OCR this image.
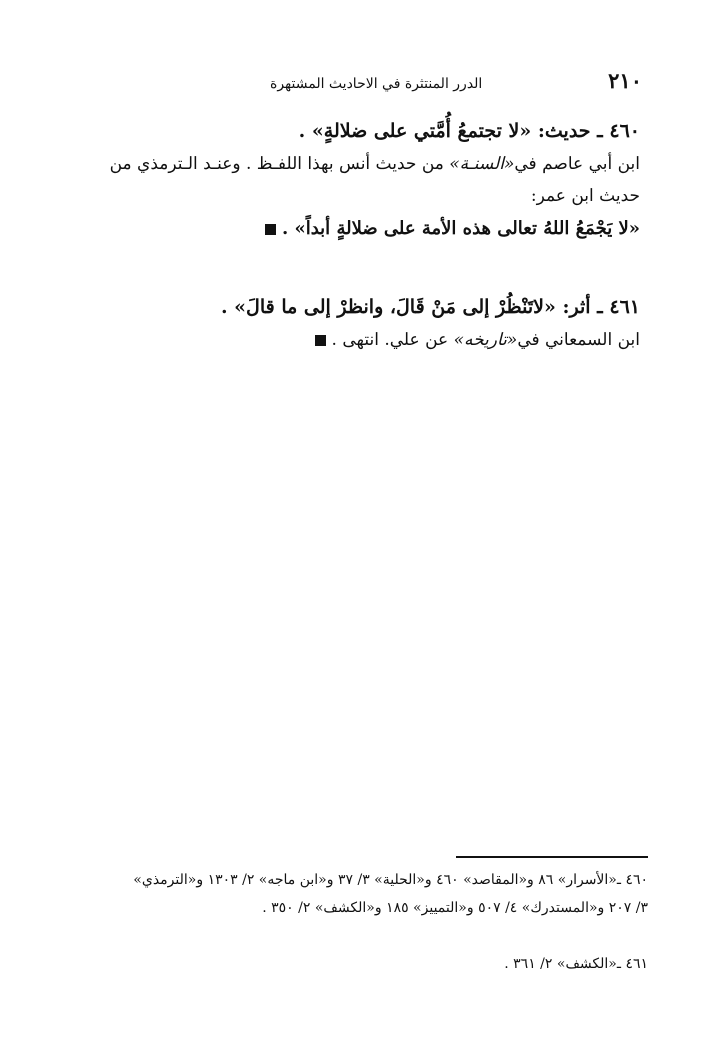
٢١٠
الدرر المنتثرة في الاحاديث المشتهرة
٤٦٠ ـ حديث: «لا تجتمعُ أُمَّتي على ضلالةٍ» .
ابن أبي عاصم في«السنـة» من حديث أنس بهذا اللفـظ . وعنـد الـترمذي من حديث ابن عمر:
«لا يَجْمَعُ اللهُ تعالى هذه الأمة على ضلالةٍ أبداً» .
٤٦١ ـ أثر: «لاتَنْظُرْ إلى مَنْ قَالَ، وانظرْ إلى ما قالَ» .
ابن السمعاني في«تاريخه» عن علي. انتهى .
٤٦٠ ـ«الأسرار» ٨٦ و«المقاصد» ٤٦٠ و«الحلية» ٣/ ٣٧ و«ابن ماجه» ٢/ ١٣٠٣ و«الترمذي»
٣/ ٢٠٧ و«المستدرك» ٤/ ٥٠٧ و«التمييز» ١٨٥ و«الكشف» ٢/ ٣٥٠ .
٤٦١ ـ«الكشف» ٢/ ٣٦١ .
